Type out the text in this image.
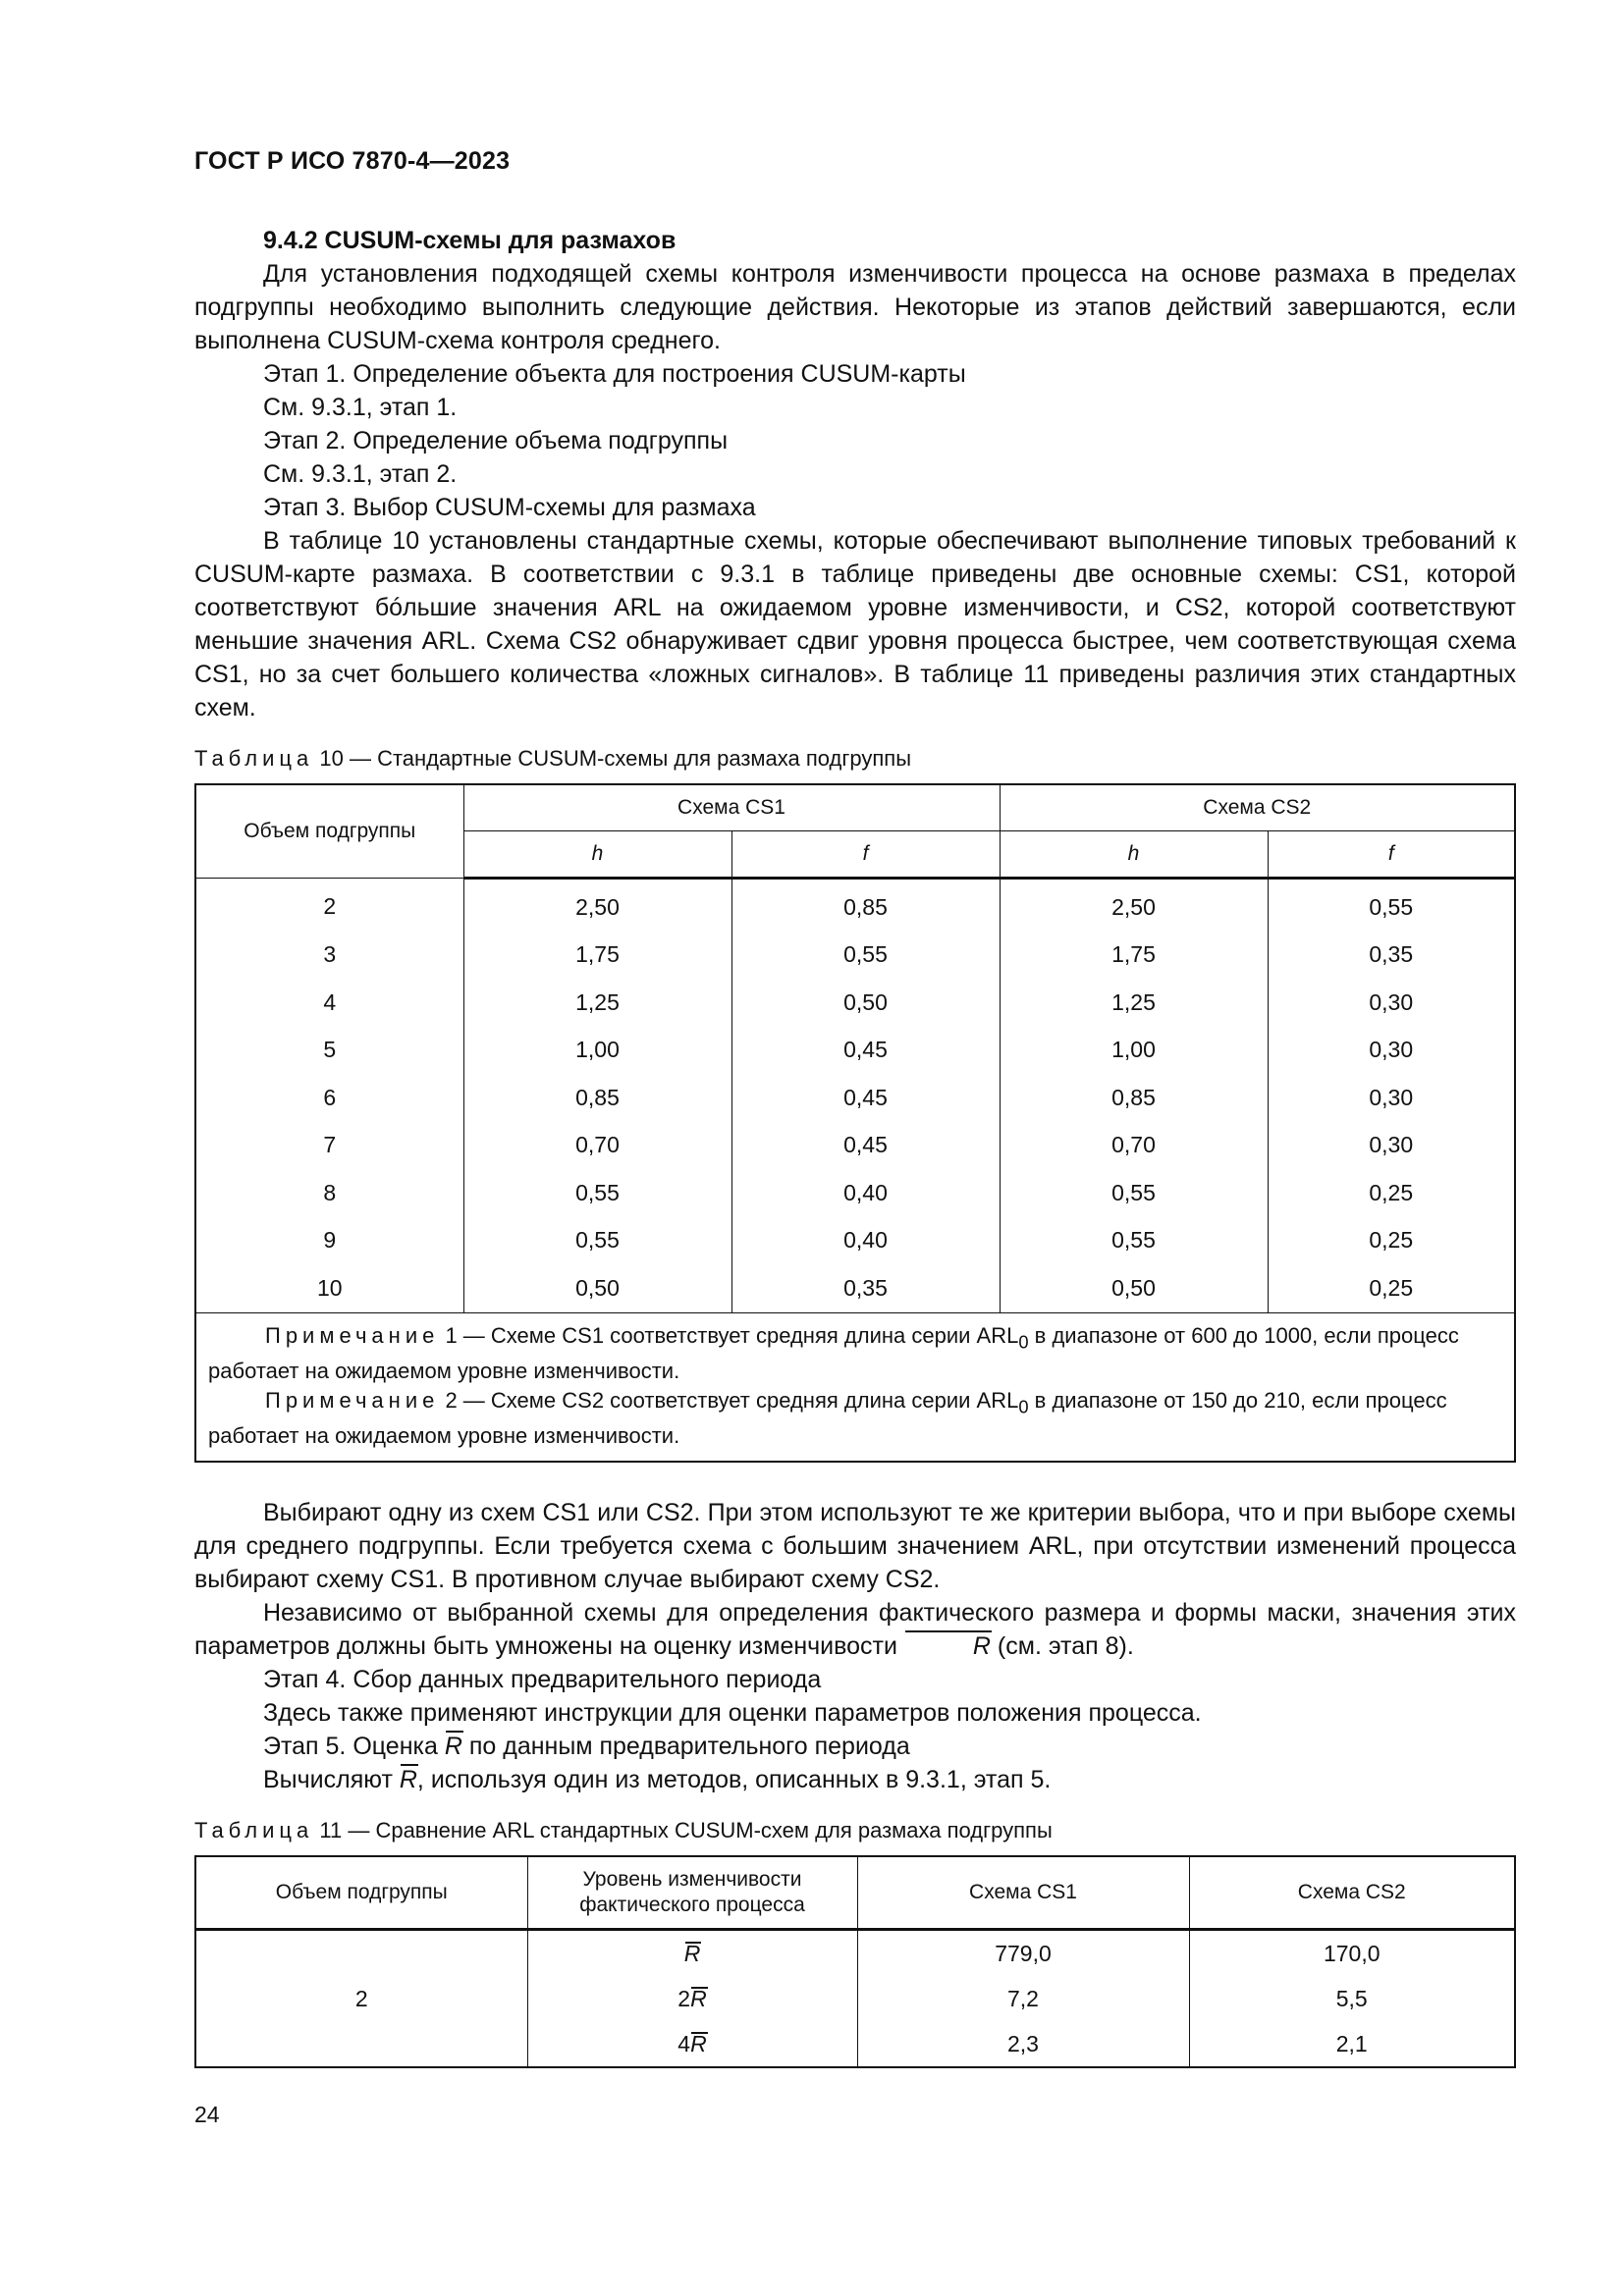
ГОСТ Р ИСО 7870-4—2023
9.4.2 CUSUM-схемы для размахов

Для установления подходящей схемы контроля изменчивости процесса на основе размаха в пределах подгруппы необходимо выполнить следующие действия. Некоторые из этапов действий завершаются, если выполнена CUSUM-схема контроля среднего.

Этап 1. Определение объекта для построения CUSUM-карты

См. 9.3.1, этап 1.

Этап 2. Определение объема подгруппы

См. 9.3.1, этап 2.

Этап 3. Выбор CUSUM-схемы для размаха

В таблице 10 установлены стандартные схемы, которые обеспечивают выполнение типовых требований к CUSUM-карте размаха. В соответствии с 9.3.1 в таблице приведены две основные схемы: CS1, которой соответствуют бóльшие значения ARL на ожидаемом уровне изменчивости, и CS2, которой соответствуют меньшие значения ARL. Схема CS2 обнаруживает сдвиг уровня процесса быстрее, чем соответствующая схема CS1, но за счет большего количества «ложных сигналов». В таблице 11 приведены различия этих стандартных схем.

Таблица 10 — Стандартные CUSUM-схемы для размаха подгруппы
Объем подгруппы	Схема CS1		Схема CS2	
	h	f	h	f
2	2,50	0,85	2,50	0,55
3	1,75	0,55	1,75	0,35
4	1,25	0,50	1,25	0,30
5	1,00	0,45	1,00	0,30
6	0,85	0,45	0,85	0,30
7	0,70	0,45	0,70	0,30
8	0,55	0,40	0,55	0,25
9	0,55	0,40	0,55	0,25
10	0,50	0,35	0,50	0,25

Примечание 1 — Схеме CS1 соответствует средняя длина серии $ARL_0$ в диапазоне от 600 до 1000, если процесс работает на ожидаемом уровне изменчивости.
Примечание 2 — Схеме CS2 соответствует средняя длина серии $ARL_0$ в диапазоне от 150 до 210, если процесс работает на ожидаемом уровне изменчивости.				

Выбирают одну из схем CS1 или CS2. При этом используют те же критерии выбора, что и при выборе схемы для среднего подгруппы. Если требуется схема с большим значением ARL, при отсутствии изменений процесса выбирают схему CS1. В противном случае выбирают схему CS2.

Независимо от выбранной схемы для определения фактического размера и формы маски, значения этих параметров должны быть умножены на оценку изменчивости	R (см. этап 8).

Этап 4. Сбор данных предварительного периода

Здесь также применяют инструкции для оценки параметров положения процесса.

Этап 5. Оценка R по данным предварительного периода

Вычисляют R, используя один из методов, описанных в 9.3.1, этап 5.

Таблица 11 — Сравнение ARL стандартных CUSUM-схем для размаха подгруппы
Объем подгруппы	Уровень изменчивости фактического процесса	Схема CS1	Схема CS2
2	R	779,0	170,0
	2R	7,2	5,5
	4R	2,3	2,1
24
